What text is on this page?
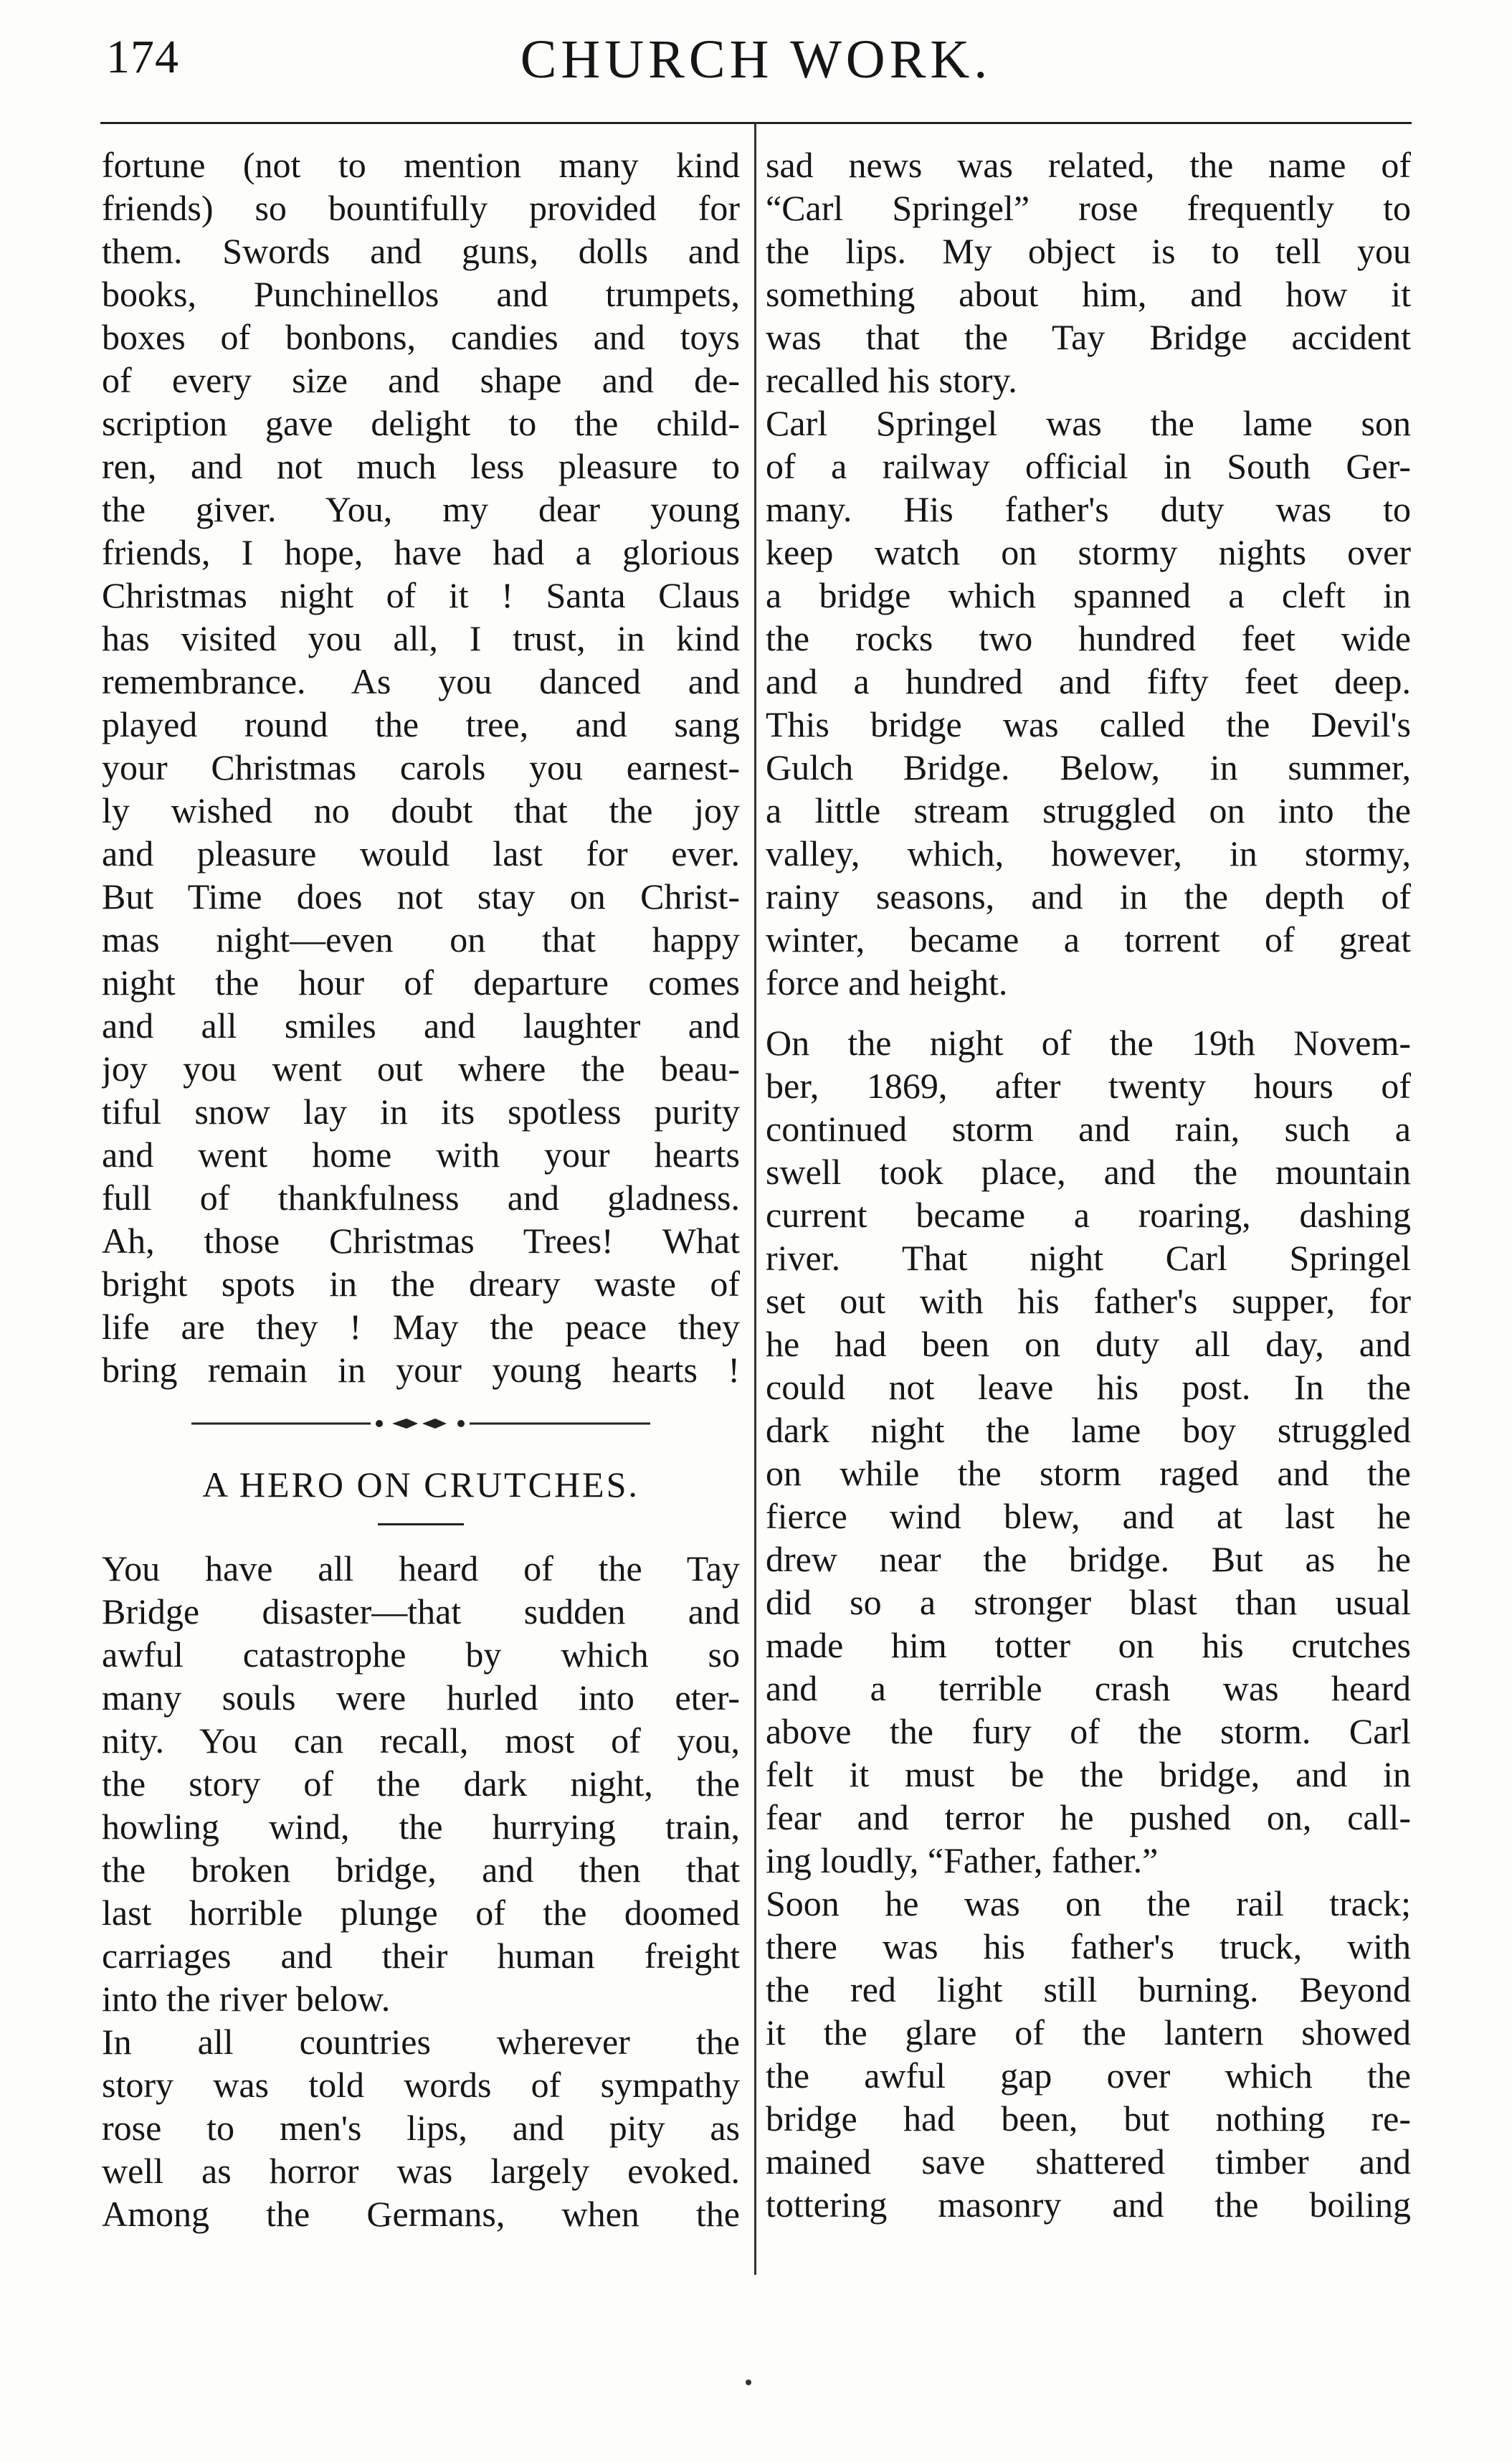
174	CHURCH WORK.
fortune (not to mention many kind
friends) so bountifully provided for
them. Swords and guns, dolls and
books, Punchinellos and trumpets,
boxes of bonbons, candies and toys
of every size and shape and de-
scription gave delight to the child-
ren, and not much less pleasure to
the giver. You, my dear young
friends, I hope, have had a glorious
Christmas night of it ! Santa Claus
has visited you all, I trust, in kind
remembrance. As you danced and
played round the tree, and sang
your Christmas carols you earnest-
ly wished no doubt that the joy
and pleasure would last for ever.
But Time does not stay on Christ-
mas night—even on that happy
night the hour of departure comes
and all smiles and laughter and
joy you went out where the beau-
tiful snow lay in its spotless purity
and went home with your hearts
full of thankfulness and gladness.
Ah, those Christmas Trees! What
bright spots in the dreary waste of
life are they ! May the peace they
bring remain in your young hearts !
A HERO ON CRUTCHES.
You have all heard of the Tay
Bridge disaster—that sudden and
awful catastrophe by which so
many souls were hurled into eter-
nity. You can recall, most of you,
the story of the dark night, the
howling wind, the hurrying train,
the broken bridge, and then that
last horrible plunge of the doomed
carriages and their human freight
into the river below.
In all countries wherever the
story was told words of sympathy
rose to men's lips, and pity as
well as horror was largely evoked.
Among the Germans, when the
sad news was related, the name of
“Carl Springel” rose frequently to
the lips. My object is to tell you
something about him, and how it
was that the Tay Bridge accident
recalled his story.
Carl Springel was the lame son
of a railway official in South Ger-
many. His father's duty was to
keep watch on stormy nights over
a bridge which spanned a cleft in
the rocks two hundred feet wide
and a hundred and fifty feet deep.
This bridge was called the Devil's
Gulch Bridge. Below, in summer,
a little stream struggled on into the
valley, which, however, in stormy,
rainy seasons, and in the depth of
winter, became a torrent of great
force and height.
On the night of the 19th Novem-
ber, 1869, after twenty hours of
continued storm and rain, such a
swell took place, and the mountain
current became a roaring, dashing
river. That night Carl Springel
set out with his father's supper, for
he had been on duty all day, and
could not leave his post. In the
dark night the lame boy struggled
on while the storm raged and the
fierce wind blew, and at last he
drew near the bridge. But as he
did so a stronger blast than usual
made him totter on his crutches
and a terrible crash was heard
above the fury of the storm. Carl
felt it must be the bridge, and in
fear and terror he pushed on, call-
ing loudly, “Father, father.”
Soon he was on the rail track;
there was his father's truck, with
the red light still burning. Beyond
it the glare of the lantern showed
the awful gap over which the
bridge had been, but nothing re-
mained save shattered timber and
tottering masonry and the boiling
